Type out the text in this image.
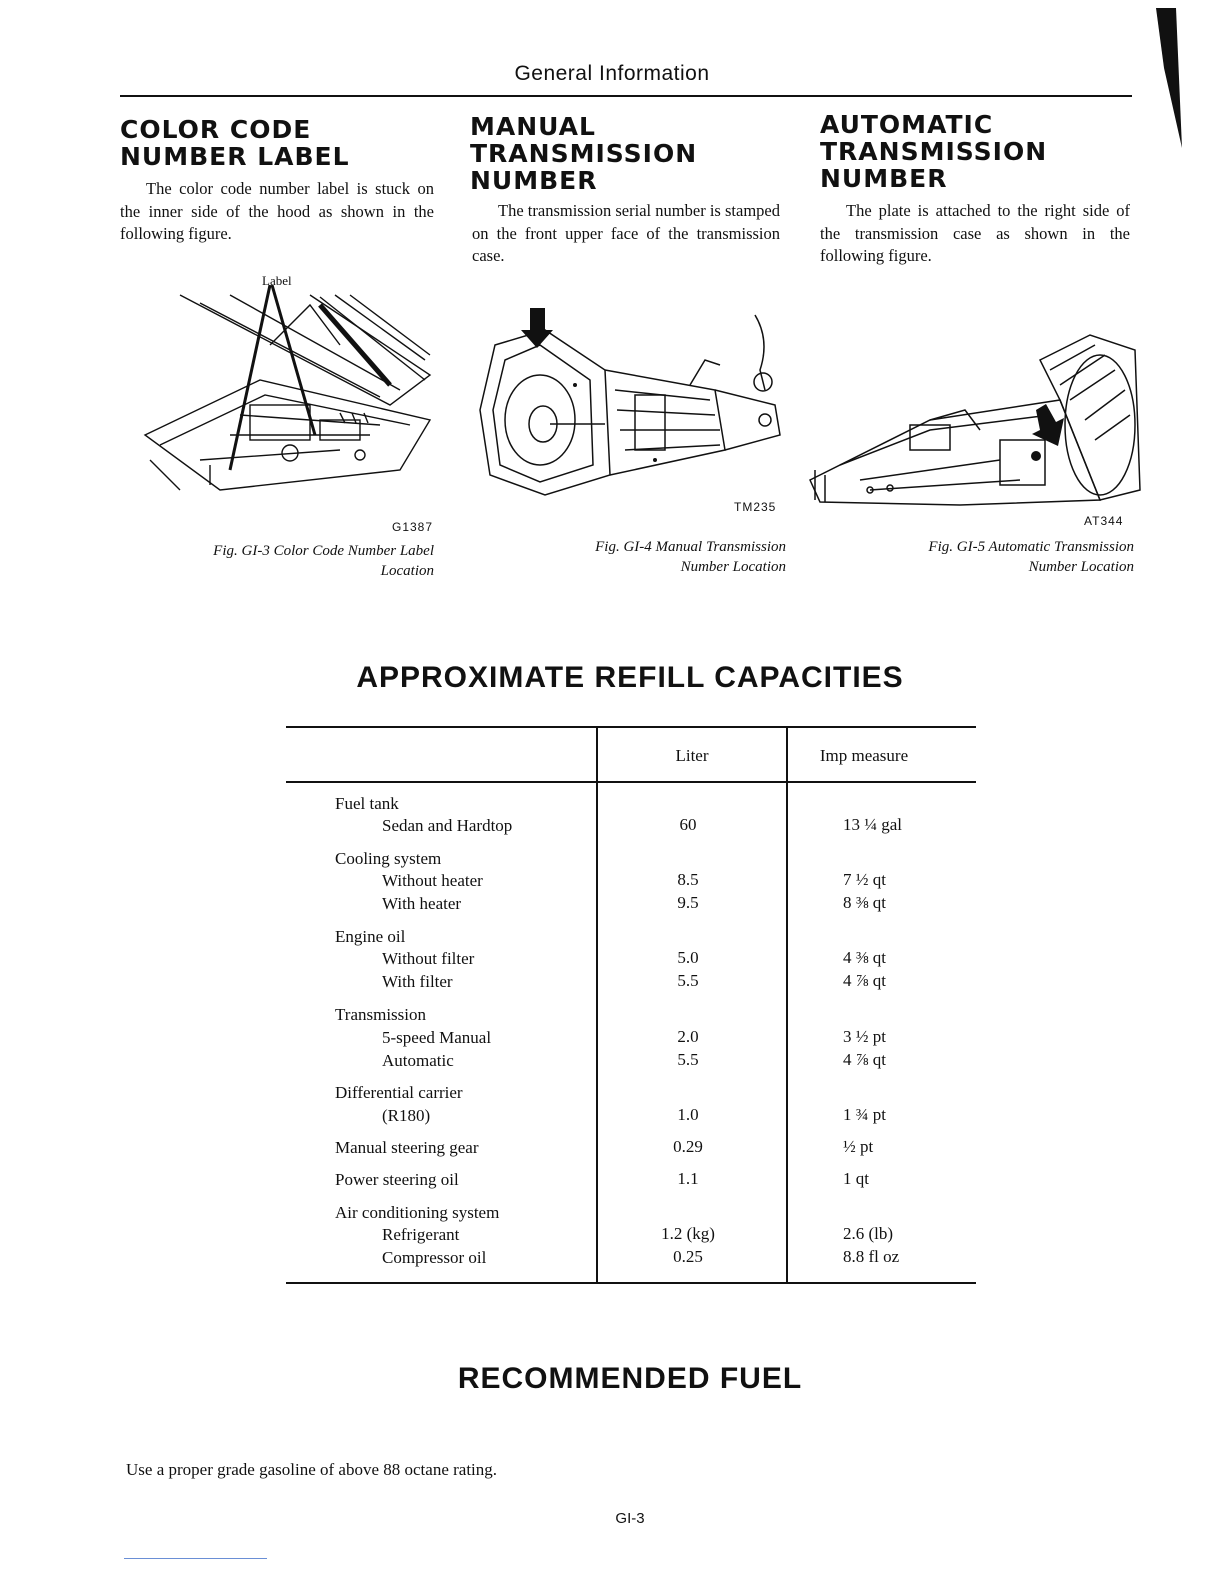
General Information
COLOR CODE
NUMBER LABEL
The color code number label is stuck on the inner side of the hood as shown in the following figure.
Label
G1387
Fig. GI-3 Color Code Number Label
Location
MANUAL
TRANSMISSION
NUMBER
The transmission serial number is stamped on the front upper face of the transmission case.
TM235
Fig. GI-4 Manual Transmission
Number Location
AUTOMATIC
TRANSMISSION
NUMBER
The plate is attached to the right side of the transmission case as shown in the following figure.
AT344
Fig. GI-5 Automatic Transmission
Number Location
APPROXIMATE REFILL CAPACITIES
Liter	Imp measure
Fuel tank
Sedan and Hardtop	60	13 ¼ gal
Cooling system
Without heater	8.5	7 ½ qt
With heater	9.5	8 ⅜ qt
Engine oil
Without filter	5.0	4 ⅜ qt
With filter	5.5	4 ⅞ qt
Transmission
5-speed Manual	2.0	3 ½ pt
Automatic	5.5	4 ⅞ qt
Differential carrier
(R180)	1.0	1 ¾ pt
Manual steering gear	0.29	½ pt
Power steering oil	1.1	1 qt
Air conditioning system
Refrigerant	1.2 (kg)	2.6 (lb)
Compressor oil	0.25	8.8 fl oz
RECOMMENDED FUEL
Use a proper grade gasoline of above 88 octane rating.
GI-3
